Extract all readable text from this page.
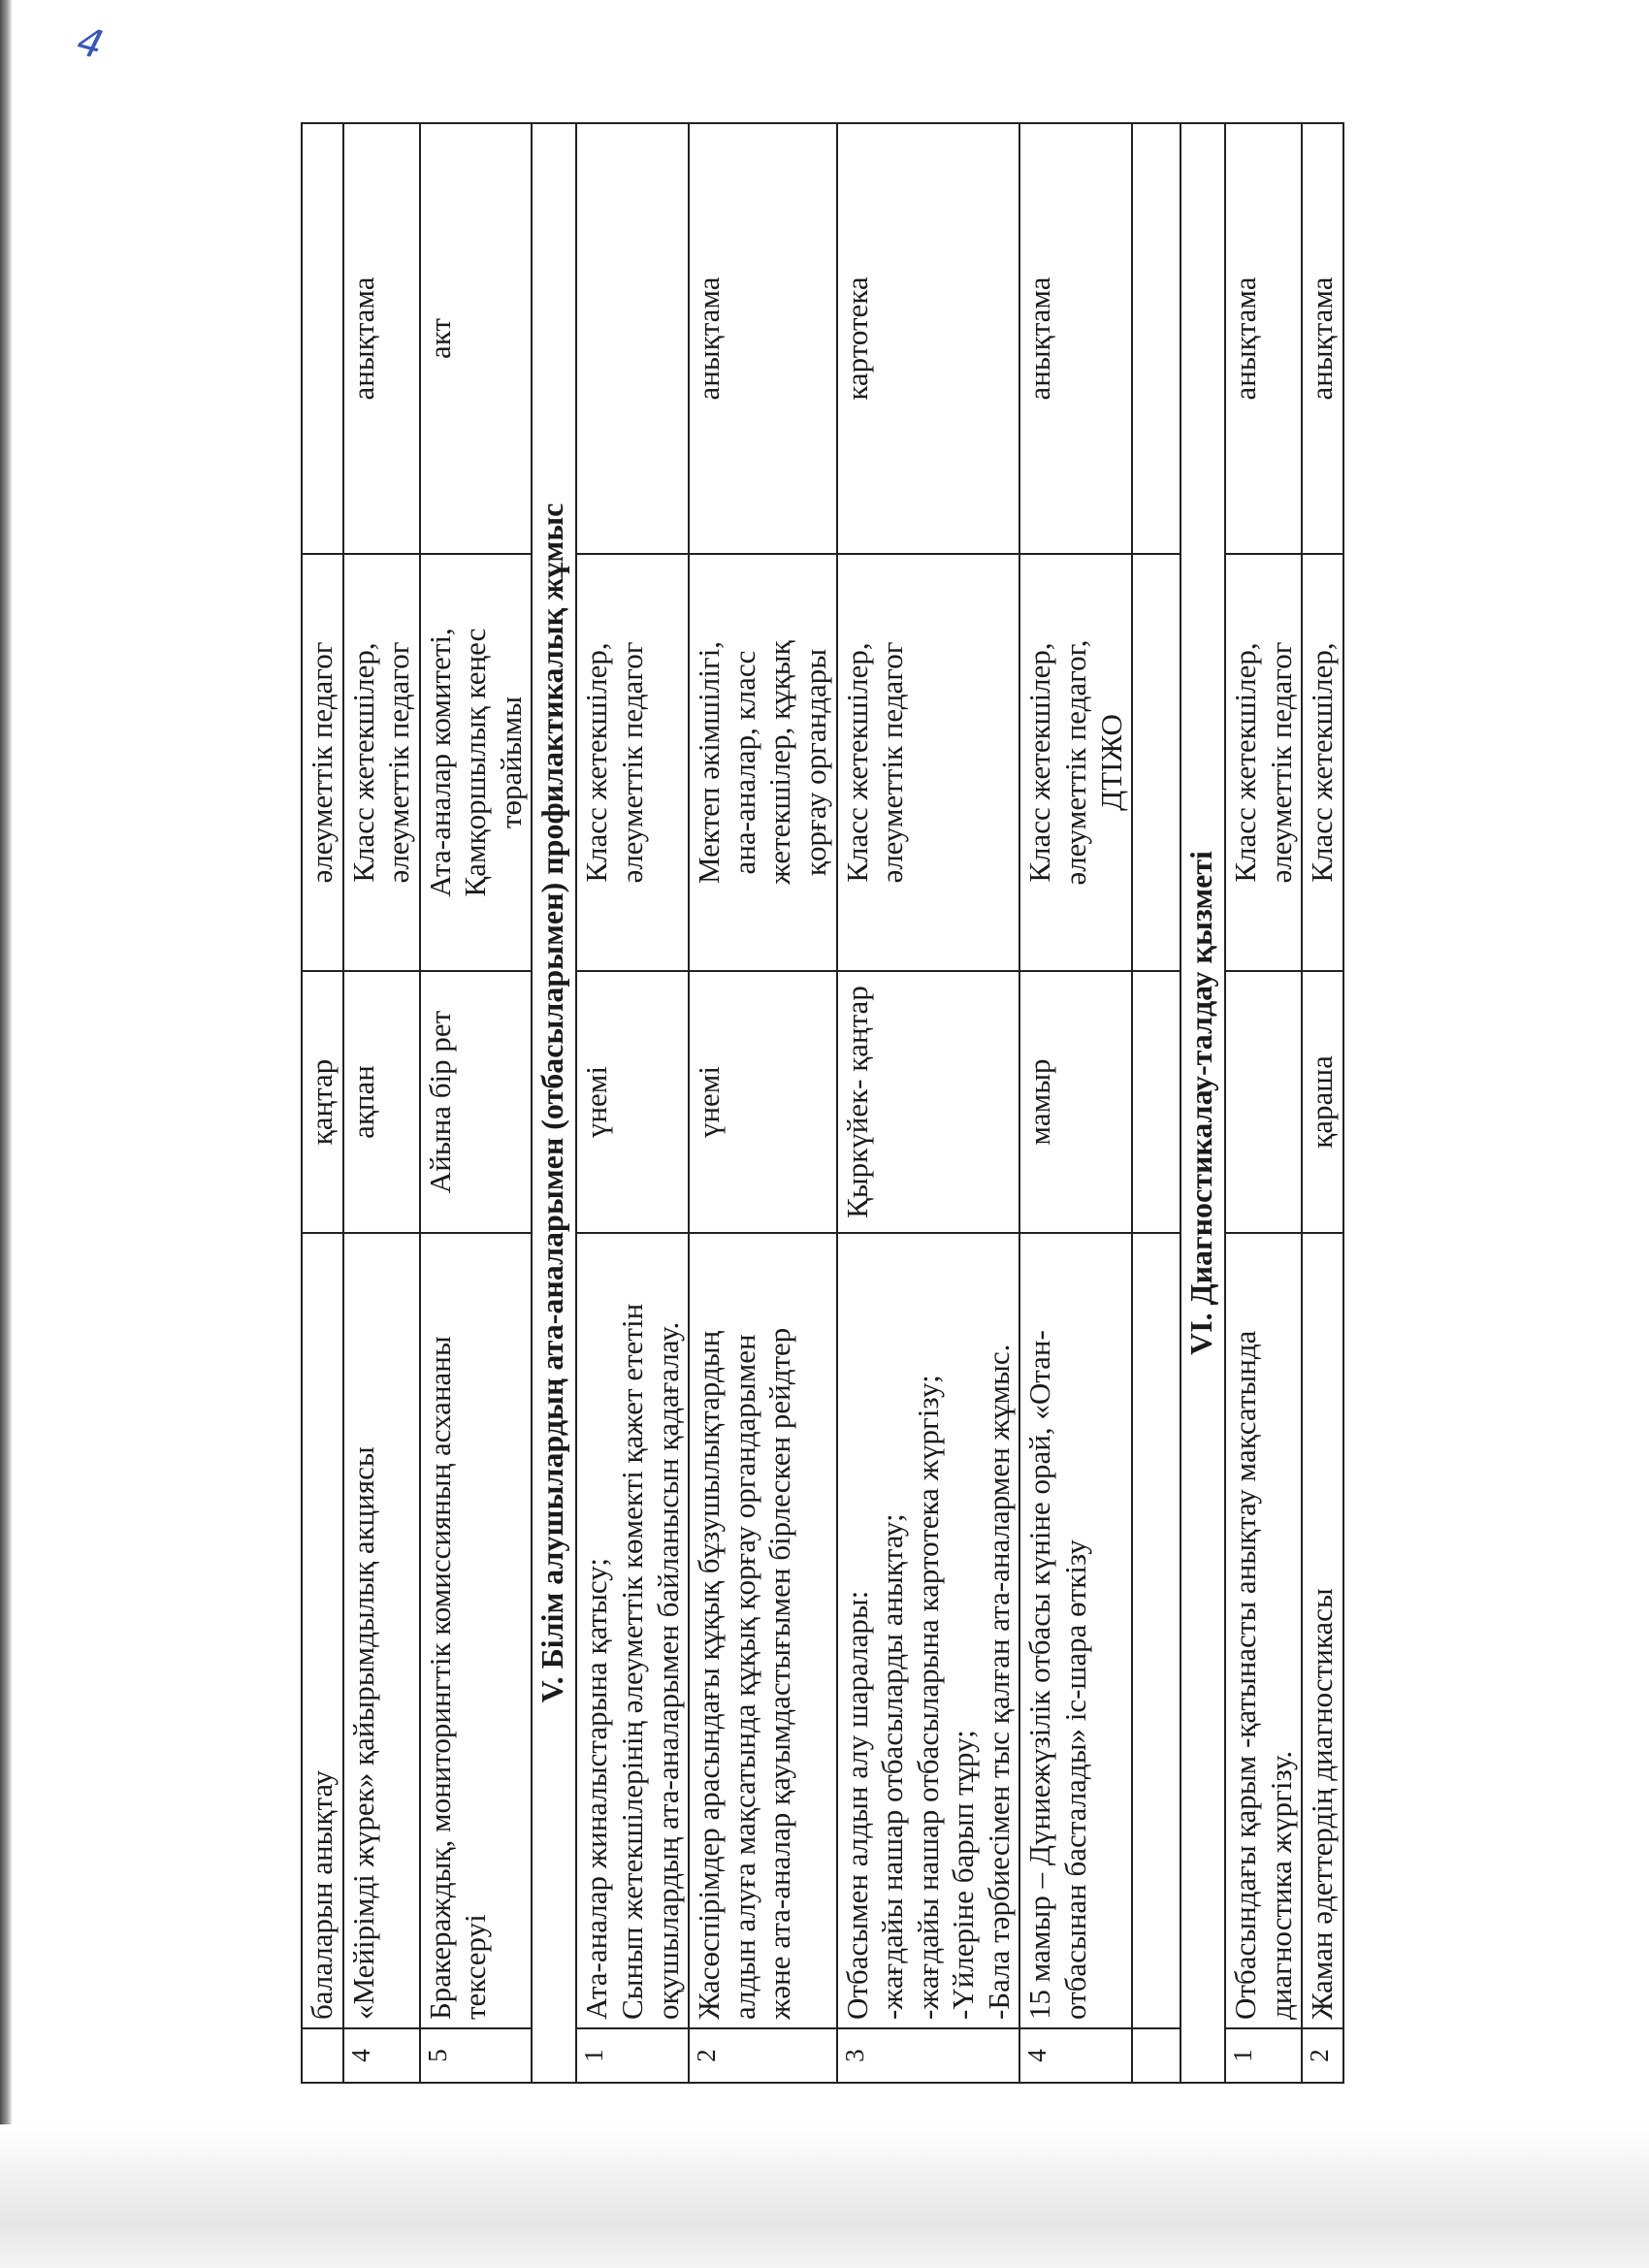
4

	балаларын анықтау	қаңтар	әлеуметтік педагог	

4	«Мейірімді жүрек» қайырымдылық акциясы	ақпан	Класс жетекшілер, әлеуметтік педагог	анықтама
5	Бракераждық, мониторингтік комиссияның асхананы тексеруі	Айына бір рет	Ата-аналар комитеті, Қамқоршылық кеңес төрайымы	акт
V. Білім алушылардың ата-аналарымен (отбасыларымен) профилактикалық жұмыс				
1	Ата-аналар жиналыстарына қатысу; Сынып жетекшілерінің әлеуметтік көмекті қажет ететін оқушылардың ата-аналарымен байланысын қадағалау.	үнемі	Класс жетекшілер, әлеуметтік педагог	

2	Жасөспірімдер арасындағы құқық бұзушылықтардың алдын алуға мақсатында құқық қорғау органдарымен және ата-аналар қауымдастығымен бірлескен рейдтер	үнемі	Мектеп әкімшілігі, ана-аналар, класс жетекшілер, құқық қорғау органдары	анықтама
3	Отбасымен алдын алу шаралары: -жағдайы нашар отбасыларды анықтау; -жағдайы нашар отбасыларына картотека жүргізу; -Үйлеріне барып тұру; -Бала тәрбиесімен тыс қалған ата-аналармен жұмыс.	Қыркүйек- қаңтар	Класс жетекшілер, әлеуметтік педагог	картотека
4	15 мамыр – Дүниежүзілік отбасы күніне орай, «Отан- отбасынан басталады» іс-шара өткізу	мамыр	Класс жетекшілер, әлеуметтік педагог, ДТІЖО	анықтама

VI. Диагностикалау-талдау қызметі				
1	Отбасындағы қарым -қатынасты анықтау мақсатында диагностика жүргізу.		Класс жетекшілер, әлеуметтік педагог	анықтама
2	Жаман әдеттердің диагностикасы	қараша	Класс жетекшілер,	анықтама
